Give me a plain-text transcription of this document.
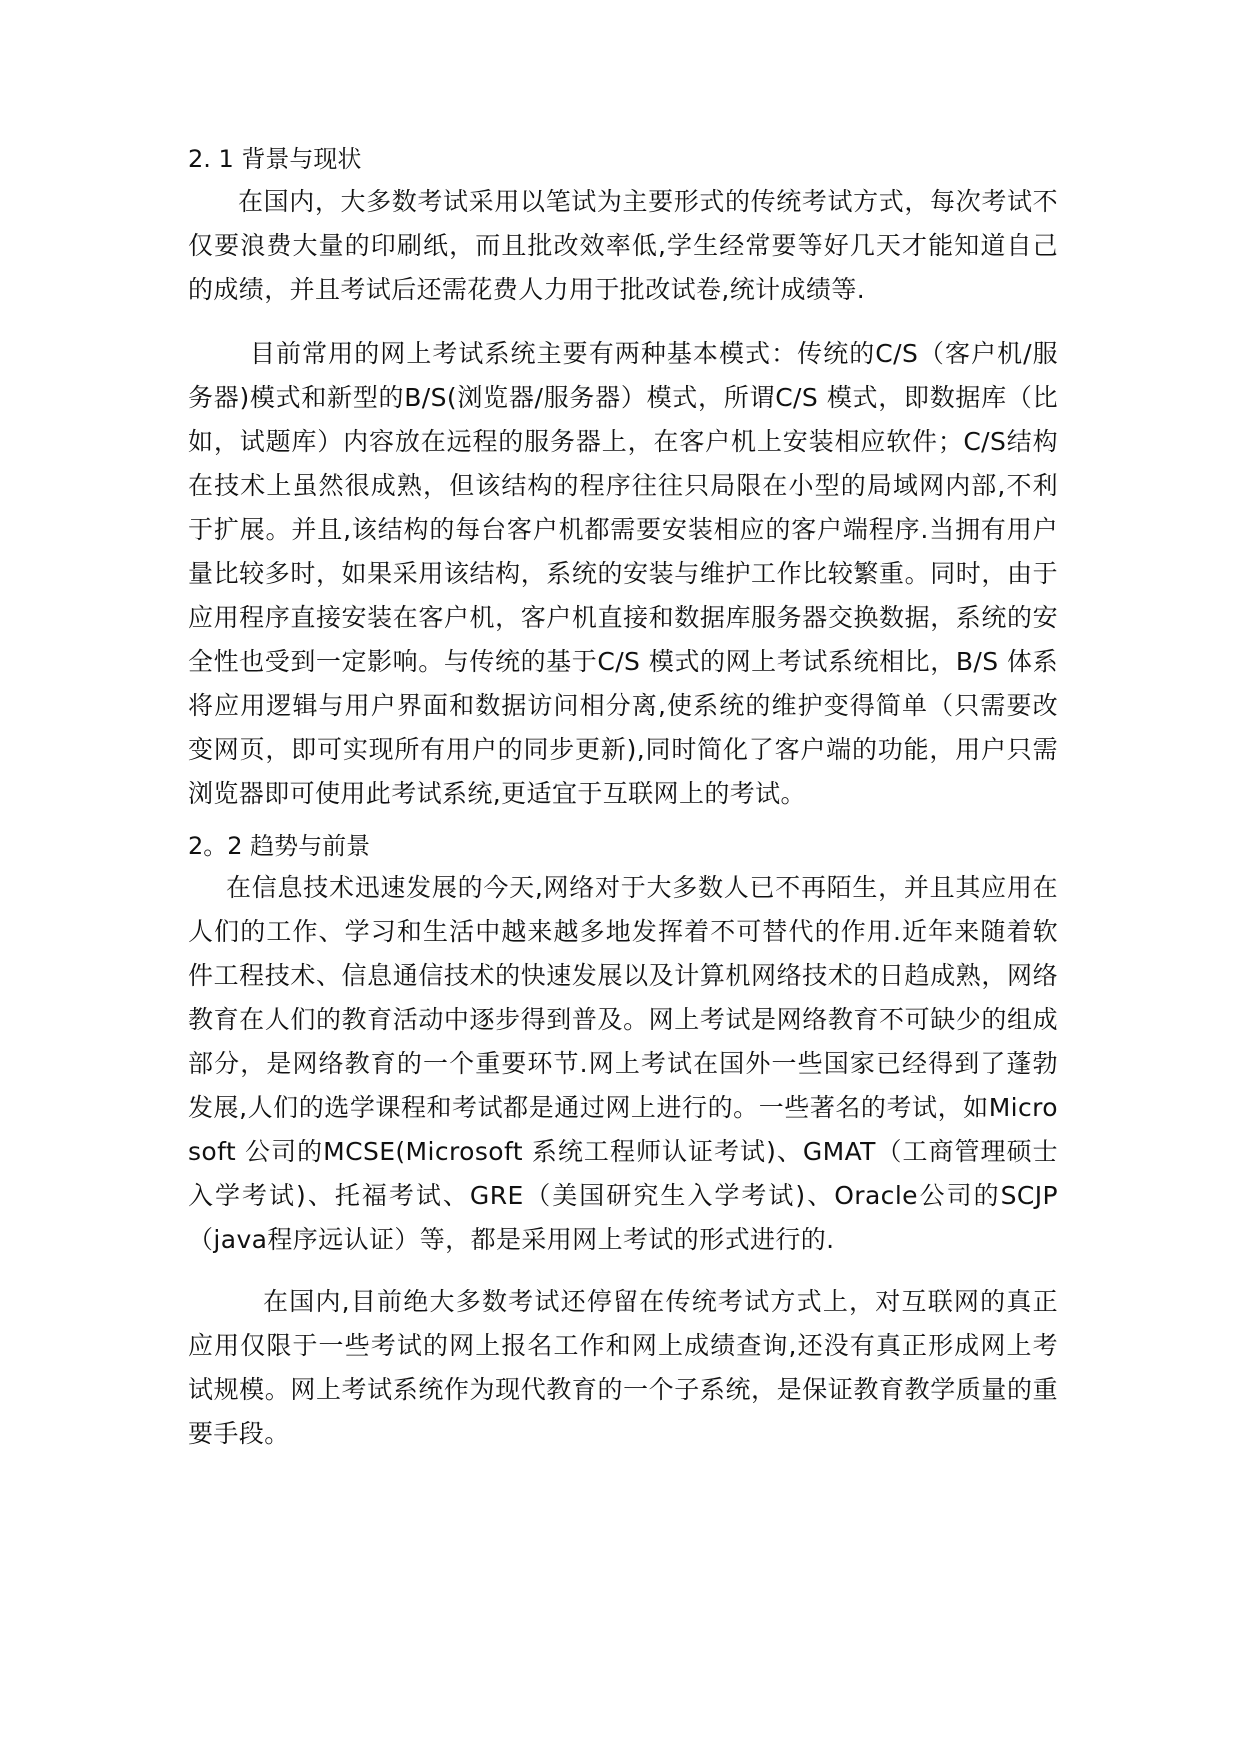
2. 1 背景与现状

在国内，大多数考试采用以笔试为主要形式的传统考试方式，每次考试不仅要浪费大量的印刷纸，而且批改效率低,学生经常要等好几天才能知道自己的成绩，并且考试后还需花费人力用于批改试卷,统计成绩等.

目前常用的网上考试系统主要有两种基本模式：传统的C/S（客户机/服务器)模式和新型的B/S(浏览器/服务器）模式，所谓C/S 模式，即数据库（比如，试题库）内容放在远程的服务器上，在客户机上安装相应软件；C/S结构在技术上虽然很成熟，但该结构的程序往往只局限在小型的局域网内部,不利于扩展。并且,该结构的每台客户机都需要安装相应的客户端程序.当拥有用户量比较多时，如果采用该结构，系统的安装与维护工作比较繁重。同时，由于应用程序直接安装在客户机，客户机直接和数据库服务器交换数据，系统的安全性也受到一定影响。与传统的基于C/S 模式的网上考试系统相比，B/S 体系将应用逻辑与用户界面和数据访问相分离,使系统的维护变得简单（只需要改变网页，即可实现所有用户的同步更新),同时简化了客户端的功能，用户只需浏览器即可使用此考试系统,更适宜于互联网上的考试。

2。2 趋势与前景

在信息技术迅速发展的今天,网络对于大多数人已不再陌生，并且其应用在人们的工作、学习和生活中越来越多地发挥着不可替代的作用.近年来随着软件工程技术、信息通信技术的快速发展以及计算机网络技术的日趋成熟，网络教育在人们的教育活动中逐步得到普及。网上考试是网络教育不可缺少的组成部分，是网络教育的一个重要环节.网上考试在国外一些国家已经得到了蓬勃发展,人们的选学课程和考试都是通过网上进行的。一些著名的考试，如Micro soft 公司的MCSE(Microsoft 系统工程师认证考试)、GMAT（工商管理硕士入学考试)、托福考试、GRE（美国研究生入学考试)、Oracle公司的SCJP（java程序远认证）等，都是采用网上考试的形式进行的.

在国内,目前绝大多数考试还停留在传统考试方式上，对互联网的真正应用仅限于一些考试的网上报名工作和网上成绩查询,还没有真正形成网上考试规模。网上考试系统作为现代教育的一个子系统，是保证教育教学质量的重要手段。
